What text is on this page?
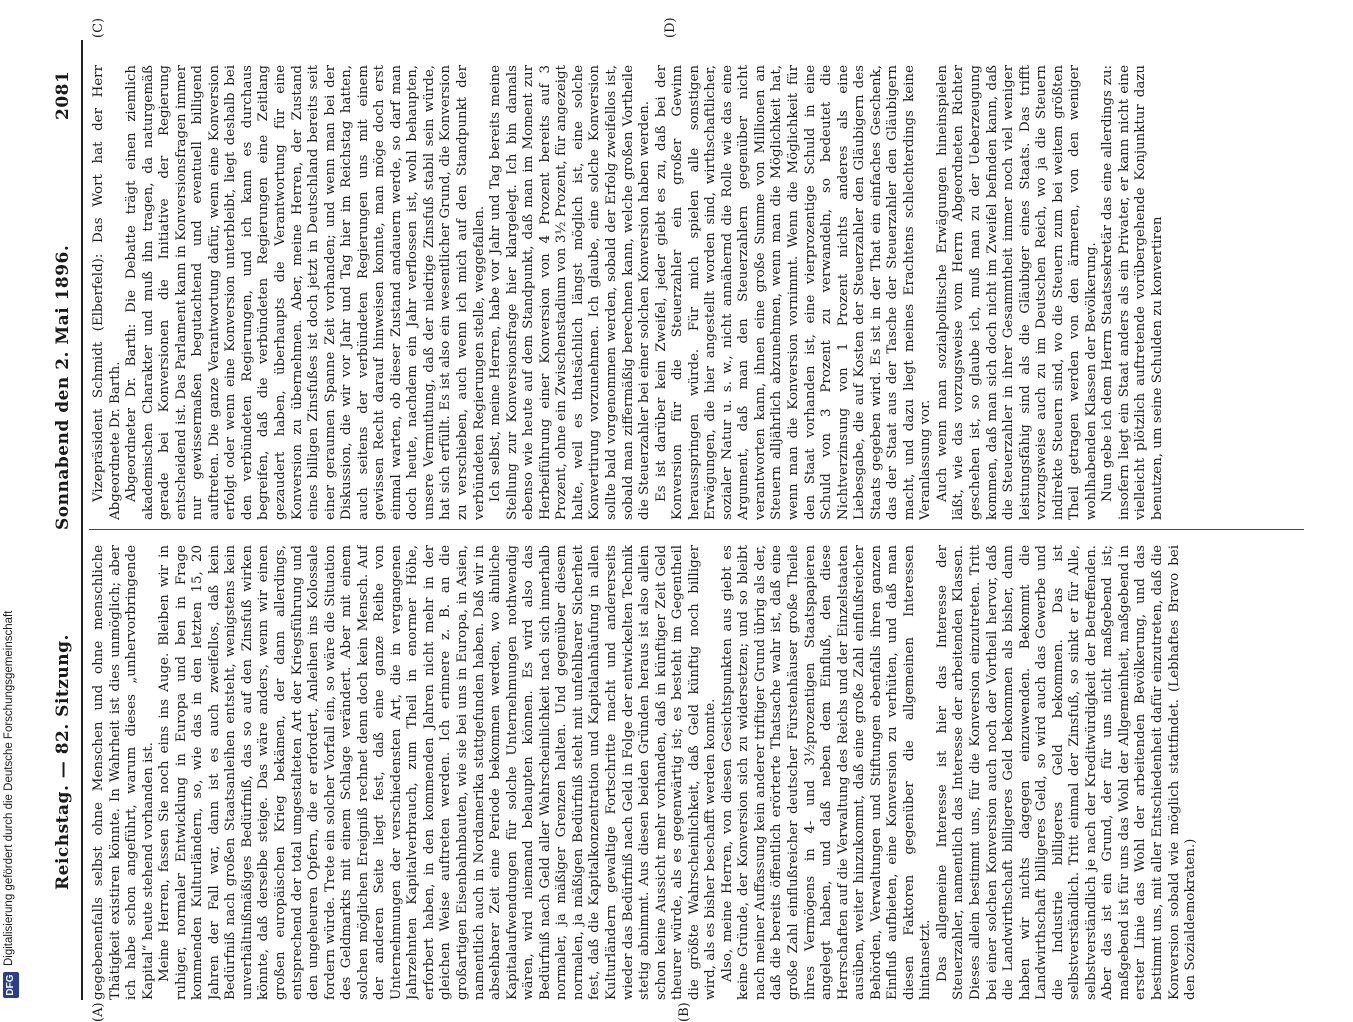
Reichstag. — 82. Sitzung.
Sonnabend den 2. Mai 1896.
2081
(A)	(B)
(C)	(D)

gegebenenfalls selbst ohne Menschen und ohne menschliche Thätigkeit existiren könnte. In Wahrheit ist dies unmöglich; aber ich habe schon angeführt, warum dieses „unhervorbringende Kapital“ heute stehend vorhanden ist. Meine Herren, fassen Sie noch eins ins Auge. Bleiben wir in ruhiger, normaler Entwicklung in Europa und ben in Frage kommenden Kulturländern, so, wie das in den letzten 15, 20 Jahren der Fall war, dann ist es auch zweifellos, daß kein Bedürfniß nach großen Staatsanleihen entsteht, wenigstens kein unverhältnißmäßiges Bedürfniß, das so auf den Zinsfuß wirken könnte, daß derselbe steige. Das wäre anders, wenn wir einen großen europäischen Krieg bekämen, der dann allerdings, entsprechend der total umgestalteten Art der Kriegsführung und den ungeheuren Opfern, die er erfordert, Anleihen ins Kolossale fordern würde. Trete ein solcher Vorfall ein, so wäre die Situation des Geldmarkts mit einem Schlage verändert. Aber mit einem solchen möglichen Ereigniß rechnet denn doch kein Mensch. Auf der anderen Seite liegt fest, daß eine ganze Reihe von Unternehmungen der verschiedensten Art, die in vergangenen Jahrzehnten Kapitalverbrauch, zum Theil in enormer Höhe, erforbert haben, in den kommenden Jahren nicht mehr in der gleichen Weise auftreten werden. Ich erinnere z. B. an die großartigen Eisenbahnbauten, wie sie bei uns in Europa, in Asien, namentlich auch in Nordamerika stattgefunden haben. Daß wir in absehbarer Zeit eine Periode bekommen werden, wo ähnliche Kapitalaufwendungen für solche Unternehmungen nothwendig wären, wird niemand behaupten können. Es wird also das Bedürfniß nach Geld aller Wahrscheinlichkeit nach sich innerhalb normaler, ja mäßiger Grenzen halten. Und gegenüber diesem normalen, ja mäßigen Bedürfniß steht mit unfehlbarer Sicherheit fest, daß die Kapitalkonzentration und Kapitalanhäufung in allen Kulturländern gewaltige Fortschritte macht und andererseits wieder das Bedürfniß nach Geld in Folge der entwickelten Technik stetig abnimmt. Aus diesen beiden Gründen heraus ist also allein schon keine Aussicht mehr vorhanden, daß in künftiger Zeit Geld theurer würde, als es gegenwärtig ist; es besteht im Gegentheil die größte Wahrscheinlichkeit, daß Geld künftig noch billiger wird, als es bisher beschafft werden konnte. Also, meine Herren, von diesen Gesichtspunkten aus giebt es keine Gründe, der Konversion sich zu widersetzen; und so bleibt nach meiner Auffassung kein anderer triftiger Grund übrig als der, daß die bereits öffentlich erörterte Thatsache wahr ist, daß eine große Zahl einflußreicher deutscher Fürstenhäuser große Theile ihres Vermögens in 4- und 3½prozentigen Staatspapieren angelegt haben, und daß neben dem Einfluß, den diese Herrschaften auf die Verwaltung des Reichs und der Einzelstaaten ausüben, weiter hinzukommt, daß eine große Zahl einflußreicher Behörden, Verwaltungen und Stiftungen ebenfalls ihren ganzen Einfluß aufbieten, eine Konversion zu verhüten, und daß man diesen Faktoren gegenüber die allgemeinen Interessen hintansetzt. Das allgemeine Interesse ist hier das Interesse der Steuerzahler, namentlich das Interesse der arbeitenden Klassen. Dieses allein bestimmt uns, für die Konversion einzutreten. Tritt bei einer solchen Konversion auch noch der Vortheil hervor, daß die Landwirthschaft billigeres Geld bekommen als bisher, dann haben wir nichts dagegen einzuwenden. Bekommt die Landwirthschaft billigeres Geld, so wird auch das Gewerbe und die Industrie billigeres Geld bekommen. Das ist selbstverständlich. Tritt einmal der Zinsfuß, so sinkt er für Alle, selbstverständlich je nach der Kreditwürdigkeit der Betreffenden. Aber das ist ein Grund, der für uns nicht maßgebend ist; maßgebend ist für uns das Wohl der Allgemeinheit, maßgebend in erster Linie das Wohl der arbeitenden Bevölkerung, und das bestimmt uns, mit aller Entschiedenheit dafür einzutreten, daß die Konversion sobald wie möglich stattfindet. (Lebhaftes Bravo bei den Sozialdemokraten.)

Vizepräsident Schmidt (Elberfeld): Das Wort hat der Herr Abgeordnete Dr. Barth. Abgeordneter Dr. Barth: Die Debatte trägt einen ziemlich akademischen Charakter und muß ihn tragen, da naturgemäß gerade bei Konversionen die Initiative der Regierung entscheidend ist. Das Parlament kann in Konversionsfragen immer nur gewissermaßen begutachtend und eventuell billigend auftreten. Die ganze Verantwortung dafür, wenn eine Konversion erfolgt oder wenn eine Konversion unterbleibt, liegt deshalb bei den verbündeten Regierungen, und ich kann es durchaus begreifen, daß die verbündeten Regierungen eine Zeitlang gezaudert haben, überhaupts die Verantwortung für eine Konversion zu übernehmen. Aber, meine Herren, der Zustand eines billigen Zinsfußes ist doch jetzt in Deutschland bereits seit einer geraumen Spanne Zeit vorhanden; und wenn man bei der Diskussion, die wir vor Jahr und Tag hier im Reichstag hatten, auch seitens der verbündeten Regierungen uns mit einem gewissen Recht darauf hinweisen konnte, man möge doch erst einmal warten, ob dieser Zustand andauern werde, so darf man doch heute, nachdem ein Jahr verflossen ist, wohl behaupten, unsere Vermuthung, daß der niedrige Zinsfuß stabil sein würde, hat sich erfüllt. Es ist also ein wesentlicher Grund, die Konversion zu verschieben, auch wenn ich mich auf den Standpunkt der verbündeten Regierungen stelle, weggefallen. Ich selbst, meine Herren, habe vor Jahr und Tag bereits meine Stellung zur Konversionsfrage hier klargelegt. Ich bin damals ebenso wie heute auf dem Standpunkt, daß man im Moment zur Herbeiführung einer Konversion von 4 Prozent bereits auf 3 Prozent, ohne ein Zwischenstadium von 3½ Prozent, für angezeigt halte, weil es thatsächlich längst möglich ist, eine solche Konvertirung vorzunehmen. Ich glaube, eine solche Konversion sollte bald vorgenommen werden, sobald der Erfolg zweifellos ist, sobald man ziffermäßig berechnen kann, welche großen Vortheile die Steuerzahler bei einer solchen Konversion haben werden. Es ist darüber kein Zweifel, jeder giebt es zu, daß bei der Konversion für die Steuerzahler ein großer Gewinn herausspringen würde. Für mich spielen alle sonstigen Erwägungen, die hier angestellt worden sind, wirthschaftlicher, sozialer Natur u. s. w., nicht annähernd die Rolle wie das eine Argument, daß man den Steuerzahlern gegenüber nicht verantworten kann, ihnen eine große Summe von Millionen an Steuern alljährlich abzunehmen, wenn man die Möglichkeit hat, wenn man die Konversion vornimmt. Wenn die Möglichkeit für den Staat vorhanden ist, eine vierprozentige Schuld in eine Schuld von 3 Prozent zu verwandeln, so bedeutet die Nichtverzinsung von 1 Prozent nichts anderes als eine Liebesgabe, die auf Kosten der Steuerzahler den Gläubigern des Staats gegeben wird. Es ist in der That ein einfaches Geschenk, das der Staat aus der Tasche der Steuerzahler den Gläubigern macht, und dazu liegt meines Erachtens schlechterdings keine Veranlassung vor. Auch wenn man sozialpolitische Erwägungen hineinspielen läßt, wie das vorzugsweise vom Herrn Abgeordneten Richter geschehen ist, so glaube ich, muß man zu der Ueberzeugung kommen, daß man sich doch nicht im Zweifel befinden kann, daß die Steuerzahler in ihrer Gesammtheit immer noch viel weniger leistungsfähig sind als die Gläubiger eines Staats. Das trifft vorzugsweise auch zu im Deutschen Reich, wo ja die Steuern indirekte Steuern sind, wo die Steuern zum bei weitem größten Theil getragen werden von den ärmeren, von den weniger wohlhabenden Klassen der Bevölkerung. Nun gebe ich dem Herrn Staatssekretär das eine allerdings zu: insofern liegt ein Staat anders als ein Privater, er kann nicht eine vielleicht plötzlich auftretende vorübergehende Konjunktur dazu benutzen, um seine Schulden zu konvertiren

DFG
Digitalisierung gefördert durch die Deutsche Forschungsgemeinschaft
